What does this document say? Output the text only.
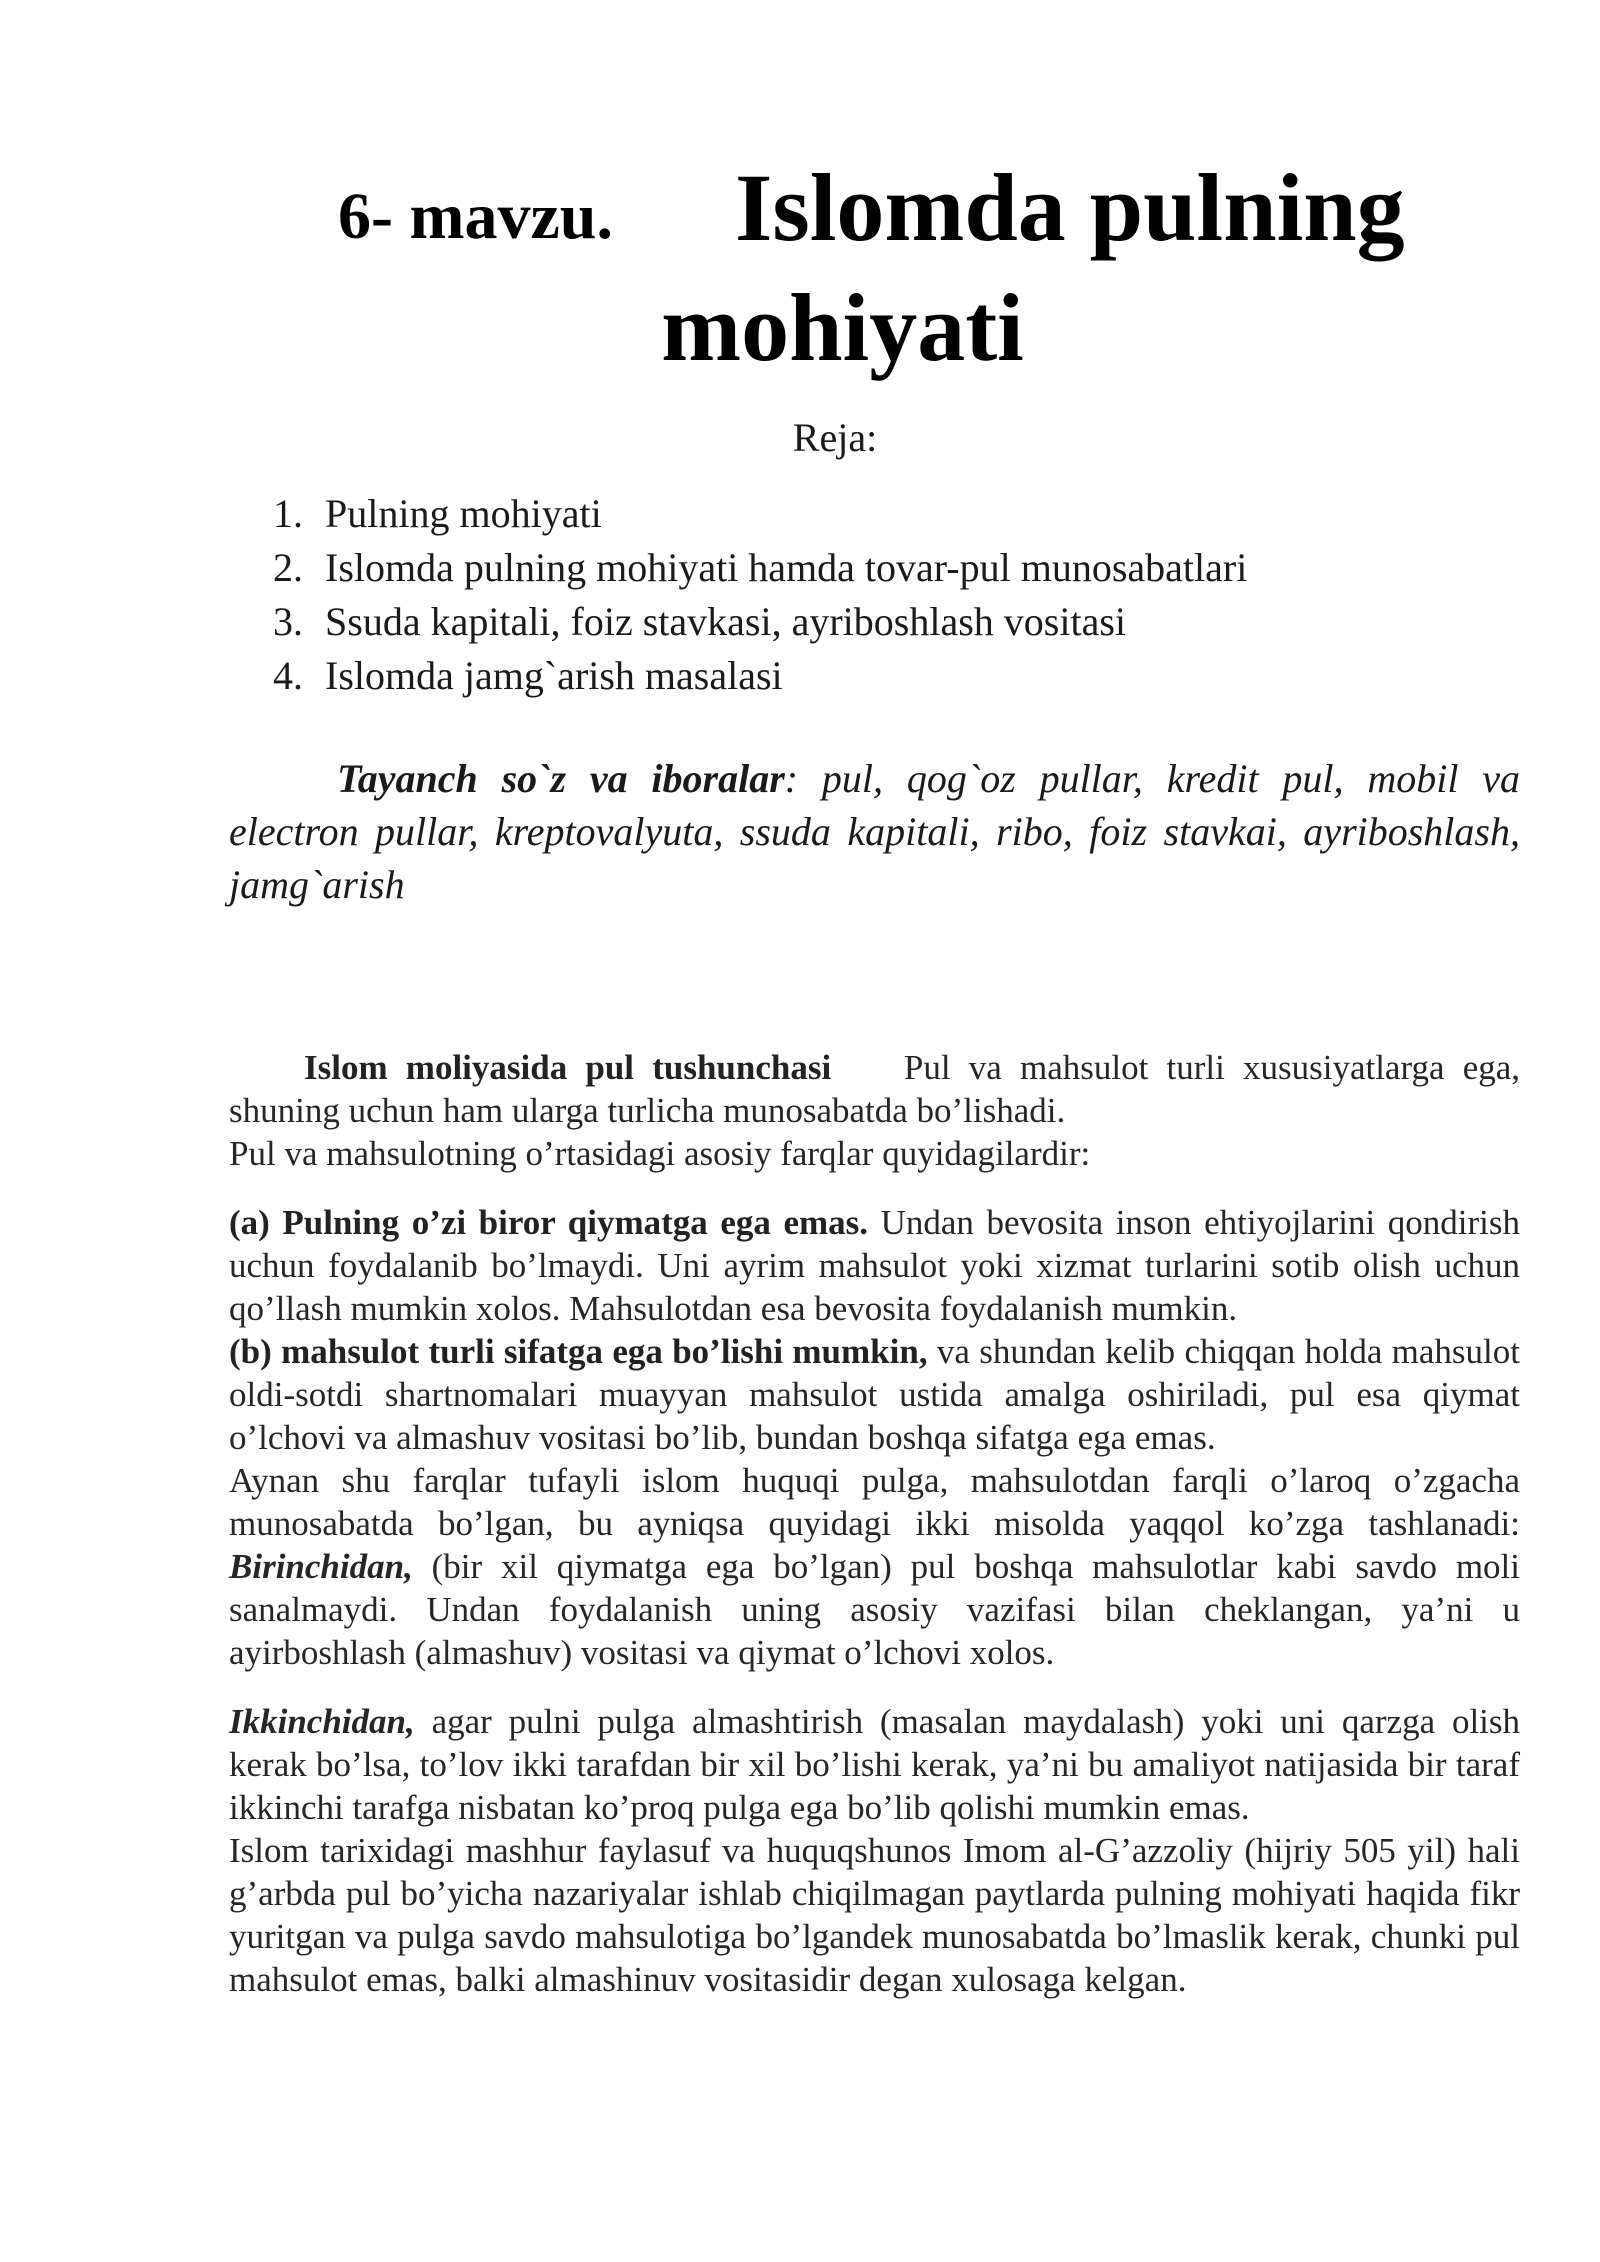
6- mavzu. Islomda pulning
mohiyati
Reja:
1. Pulning mohiyati
2. Islomda pulning mohiyati hamda tovar-pul munosabatlari
3. Ssuda kapitali, foiz stavkasi, ayriboshlash vositasi
4. Islomda jamg`arish masalasi

Tayanch so`z va iboralar: pul, qog`oz pullar, kredit pul, mobil va electron pullar, kreptovalyuta, ssuda kapitali, ribo, foiz stavkai, ayriboshlash, jamg`arish

Islom moliyasida pul tushunchasi Pul va mahsulot turli xususiyatlarga ega, shuning uchun ham ularga turlicha munosabatda bo’lishadi.

Pul va mahsulotning o’rtasidagi asosiy farqlar quyidagilardir:

(a) Pulning o’zi biror qiymatga ega emas. Undan bevosita inson ehtiyojlarini qondirish uchun foydalanib bo’lmaydi. Uni ayrim mahsulot yoki xizmat turlarini sotib olish uchun qo’llash mumkin xolos. Mahsulotdan esa bevosita foydalanish mumkin.

(b) mahsulot turli sifatga ega bo’lishi mumkin, va shundan kelib chiqqan holda mahsulot oldi-sotdi shartnomalari muayyan mahsulot ustida amalga oshiriladi, pul esa qiymat o’lchovi va almashuv vositasi bo’lib, bundan boshqa sifatga ega emas.

Aynan shu farqlar tufayli islom huquqi pulga, mahsulotdan farqli o’laroq o’zgacha munosabatda bo’lgan, bu ayniqsa quyidagi ikki misolda yaqqol ko’zga tashlanadi: Birinchidan, (bir xil qiymatga ega bo’lgan) pul boshqa mahsulotlar kabi savdo moli sanalmaydi. Undan foydalanish uning asosiy vazifasi bilan cheklangan, ya’ni u ayirboshlash (almashuv) vositasi va qiymat o’lchovi xolos.

Ikkinchidan, agar pulni pulga almashtirish (masalan maydalash) yoki uni qarzga olish kerak bo’lsa, to’lov ikki tarafdan bir xil bo’lishi kerak, ya’ni bu amaliyot natijasida bir taraf ikkinchi tarafga nisbatan ko’proq pulga ega bo’lib qolishi mumkin emas.

Islom tarixidagi mashhur faylasuf va huquqshunos Imom al-G’azzoliy (hijriy 505 yil) hali g’arbda pul bo’yicha nazariyalar ishlab chiqilmagan paytlarda pulning mohiyati haqida fikr yuritgan va pulga savdo mahsulotiga bo’lgandek munosabatda bo’lmaslik kerak, chunki pul mahsulot emas, balki almashinuv vositasidir degan xulosaga kelgan.
